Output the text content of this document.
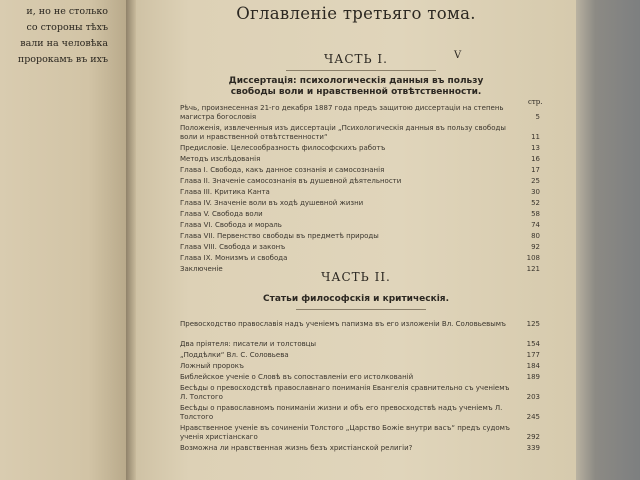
и, но не столько
со стороны тѣхъ
вали на человѣка
пророкамъ въ ихъ
Оглавленіе третьяго тома.
ЧАСТЬ I.	V
Диссертація: психологическія данныя въ пользу свободы воли и нравственной отвѣтственности.
стр.
Рѣчь, произнесенная 21-го декабря 1887 года предъ защитою диссертаціи на степень магистра богословія	5
Положенія, извлеченныя изъ диссертаціи „Психологическія данныя въ пользу свободы воли и нравственной отвѣтственности“	11
Предисловіе. Целесообразность философскихъ работъ	13
Методъ изслѣдованія	16
Глава I. Свобода, какъ данное сознанія и самосознанія	17
Глава II. Значеніе самосознанія въ душевной дѣятельности	25
Глава III. Критика Канта	30
Глава IV. Значеніе воли въ ходѣ душевной жизни	52
Глава V. Свобода воли	58
Глава VI. Свобода и мораль	74
Глава VII. Первенство свободы въ предметѣ природы	80
Глава VIII. Свобода и законъ	92
Глава IX. Монизмъ и свобода	108
Заключеніе	121
ЧАСТЬ II.
Статьи философскія и критическія.
Превосходство православія надъ ученіемъ папизма въ его изложеніи Вл. Соловьевымъ	125
Два пріятеля: писатели и толстовцы	154
„Поддѣлки“ Вл. С. Соловьева	177
Ложный пророкъ	184
Библейское ученіе о Словѣ въ сопоставленіи его истолкованій	189
Бесѣды о превосходствѣ православнаго пониманія Евангелія сравнительно съ ученіемъ Л. Толстого	203
Бесѣды о православномъ пониманіи жизни и объ его превосходствѣ надъ ученіемъ Л. Толстого	245
Нравственное ученіе въ сочиненіи Толстого „Царство Божіе внутри васъ“ предъ судомъ ученія христіанскаго	292
Возможна ли нравственная жизнь безъ христіанской религіи?	339
